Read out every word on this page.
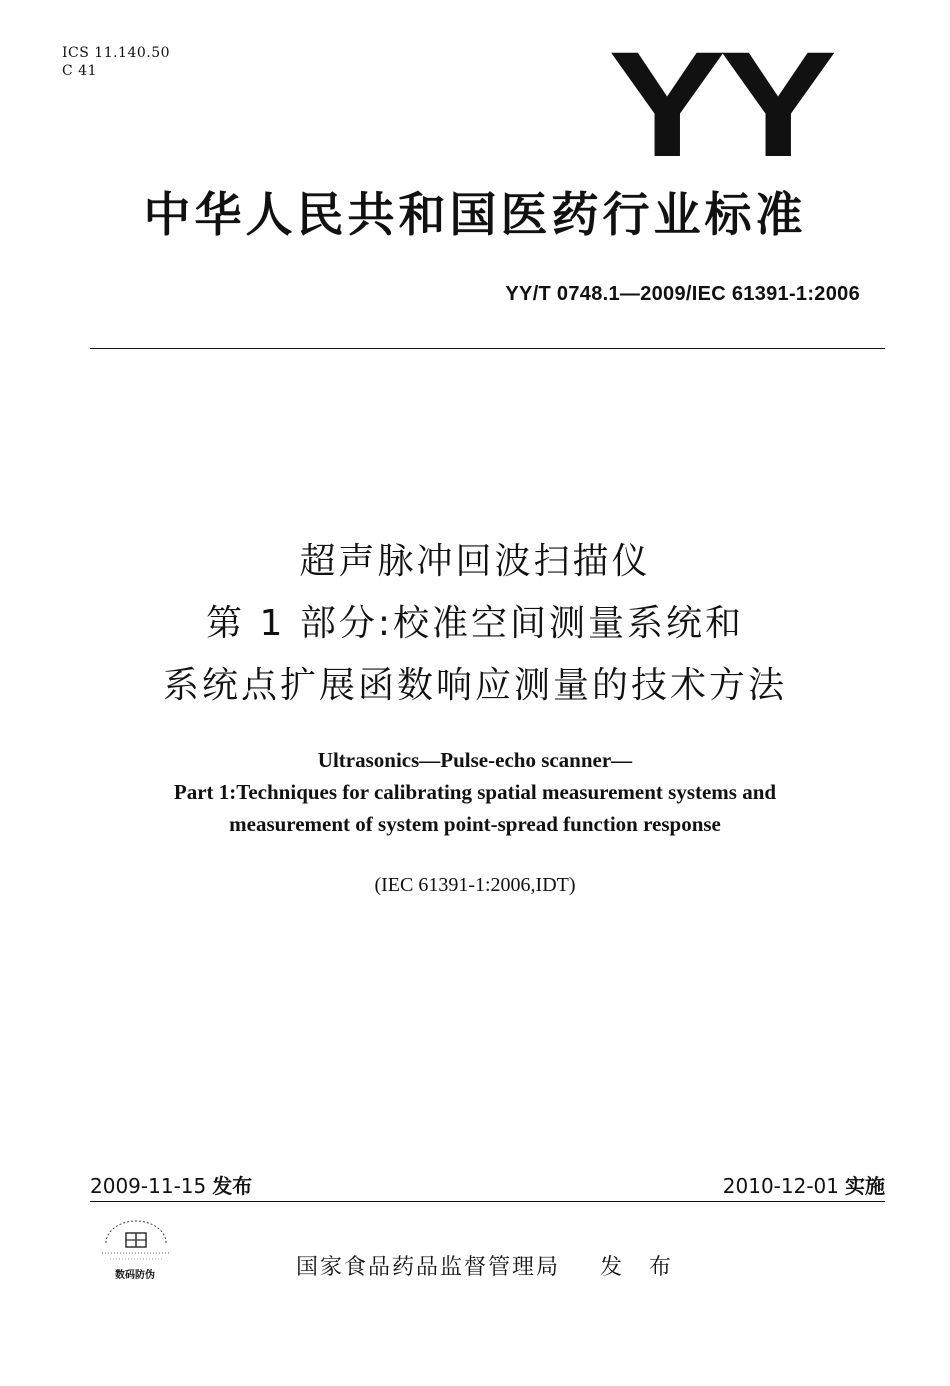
ICS 11.140.50
C 41	YY
中华人民共和国医药行业标准
YY/T 0748.1—2009/IEC 61391-1:2006
超声脉冲回波扫描仪
第 1 部分:校准空间测量系统和
系统点扩展函数响应测量的技术方法
Ultrasonics—Pulse-echo scanner—
Part 1:Techniques for calibrating spatial measurement systems and
measurement of system point-spread function response
(IEC 61391-1:2006,IDT)
2009-11-15 发布	2010-12-01 实施
数码防伪	国家食品药品监督管理局 发 布
